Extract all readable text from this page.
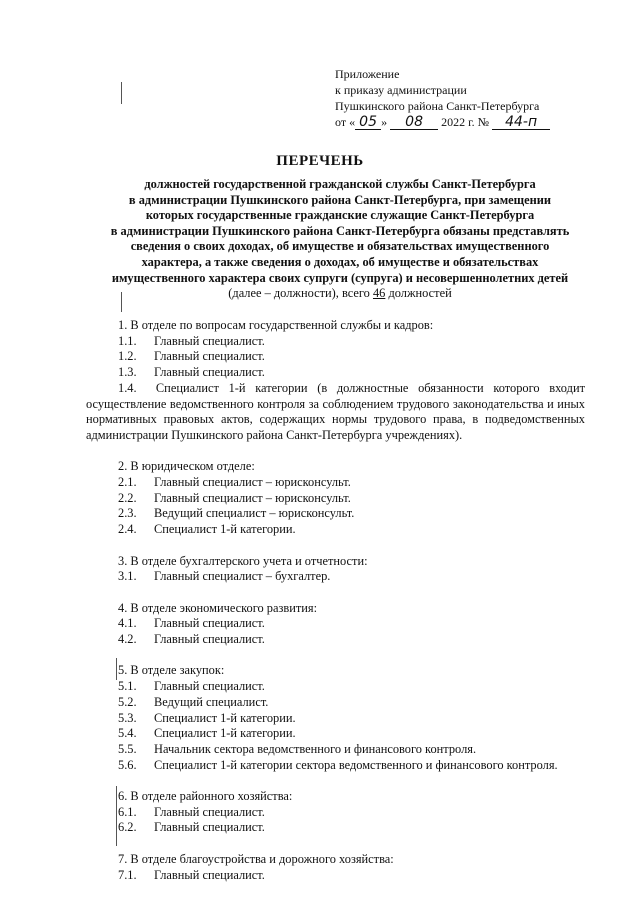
Приложение
к приказу администрации
Пушкинского района Санкт-Петербурга
от « 05 » 08 2022 г. № 44-п
ПЕРЕЧЕНЬ
должностей государственной гражданской службы Санкт-Петербурга
в администрации Пушкинского района Санкт-Петербурга, при замещении
которых государственные гражданские служащие Санкт-Петербурга
в администрации Пушкинского района Санкт-Петербурга обязаны представлять
сведения о своих доходах, об имуществе и обязательствах имущественного
характера, а также сведения о доходах, об имуществе и обязательствах
имущественного характера своих супруги (супруга) и несовершеннолетних детей
(далее – должности), всего 46 должностей
1. В отделе по вопросам государственной службы и кадров:
1.1. Главный специалист.
1.2. Главный специалист.
1.3. Главный специалист.
1.4. Специалист 1-й категории (в должностные обязанности которого входит осуществление ведомственного контроля за соблюдением трудового законодательства и иных нормативных правовых актов, содержащих нормы трудового права, в подведомственных администрации Пушкинского района Санкт-Петербурга учреждениях).
2. В юридическом отделе:
2.1. Главный специалист – юрисконсульт.
2.2. Главный специалист – юрисконсульт.
2.3. Ведущий специалист – юрисконсульт.
2.4. Специалист 1-й категории.
3. В отделе бухгалтерского учета и отчетности:
3.1. Главный специалист – бухгалтер.
4. В отделе экономического развития:
4.1. Главный специалист.
4.2. Главный специалист.
5. В отделе закупок:
5.1. Главный специалист.
5.2. Ведущий специалист.
5.3. Специалист 1-й категории.
5.4. Специалист 1-й категории.
5.5. Начальник сектора ведомственного и финансового контроля.
5.6. Специалист 1-й категории сектора ведомственного и финансового контроля.
6. В отделе районного хозяйства:
6.1. Главный специалист.
6.2. Главный специалист.
7. В отделе благоустройства и дорожного хозяйства:
7.1. Главный специалист.
